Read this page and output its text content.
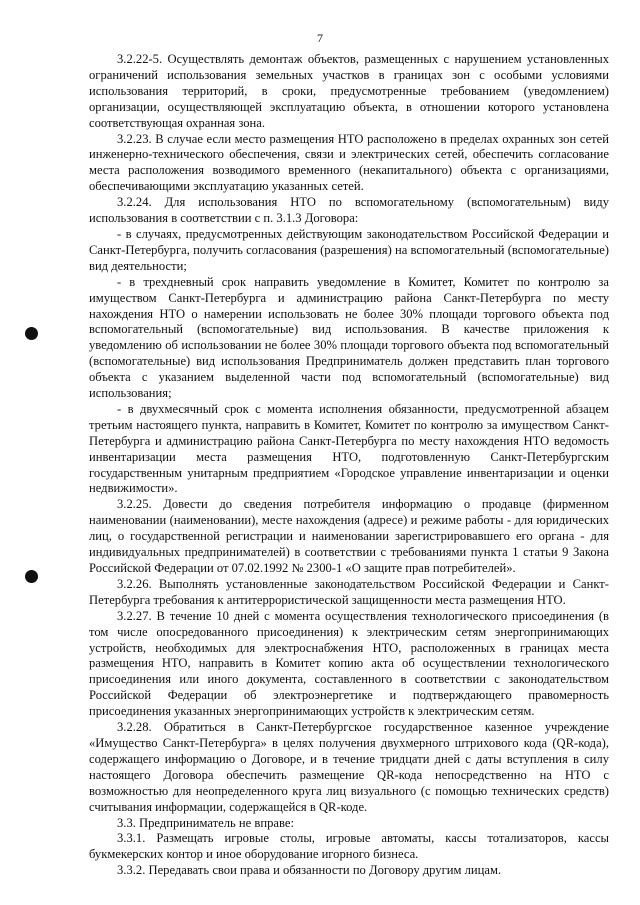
7

3.2.22-5. Осуществлять демонтаж объектов, размещенных с нарушением установленных ограничений использования земельных участков в границах зон с особыми условиями использования территорий, в сроки, предусмотренные требованием (уведомлением) организации, осуществляющей эксплуатацию объекта, в отношении которого установлена соответствующая охранная зона.

3.2.23. В случае если место размещения НТО расположено в пределах охранных зон сетей инженерно-технического обеспечения, связи и электрических сетей, обеспечить согласование места расположения возводимого временного (некапитального) объекта с организациями, обеспечивающими эксплуатацию указанных сетей.

3.2.24. Для использования НТО по вспомогательному (вспомогательным) виду использования в соответствии с п. 3.1.3 Договора:

- в случаях, предусмотренных действующим законодательством Российской Федерации и Санкт-Петербурга, получить согласования (разрешения) на вспомогательный (вспомогательные) вид деятельности;

- в трехдневный срок направить уведомление в Комитет, Комитет по контролю за имуществом Санкт-Петербурга и администрацию района Санкт-Петербурга по месту нахождения НТО о намерении использовать не более 30% площади торгового объекта под вспомогательный (вспомогательные) вид использования. В качестве приложения к уведомлению об использовании не более 30% площади торгового объекта под вспомогательный (вспомогательные) вид использования Предприниматель должен представить план торгового объекта с указанием выделенной части под вспомогательный (вспомогательные) вид использования;

- в двухмесячный срок с момента исполнения обязанности, предусмотренной абзацем третьим настоящего пункта, направить в Комитет, Комитет по контролю за имуществом Санкт-Петербурга и администрацию района Санкт-Петербурга по месту нахождения НТО ведомость инвентаризации места размещения НТО, подготовленную Санкт-Петербургским государственным унитарным предприятием «Городское управление инвентаризации и оценки недвижимости».

3.2.25. Довести до сведения потребителя информацию о продавце (фирменном наименовании (наименовании), месте нахождения (адресе) и режиме работы - для юридических лиц, о государственной регистрации и наименовании зарегистрировавшего его органа - для индивидуальных предпринимателей) в соответствии с требованиями пункта 1 статьи 9 Закона Российской Федерации от 07.02.1992 № 2300-1 «О защите прав потребителей».

3.2.26. Выполнять установленные законодательством Российской Федерации и Санкт-Петербурга требования к антитеррористической защищенности места размещения НТО.

3.2.27. В течение 10 дней с момента осуществления технологического присоединения (в том числе опосредованного присоединения) к электрическим сетям энергопринимающих устройств, необходимых для электроснабжения НТО, расположенных в границах места размещения НТО, направить в Комитет копию акта об осуществлении технологического присоединения или иного документа, составленного в соответствии с законодательством Российской Федерации об электроэнергетике и подтверждающего правомерность присоединения указанных энергопринимающих устройств к электрическим сетям.

3.2.28. Обратиться в Санкт-Петербургское государственное казенное учреждение «Имущество Санкт-Петербурга» в целях получения двухмерного штрихового кода (QR-кода), содержащего информацию о Договоре, и в течение тридцати дней с даты вступления в силу настоящего Договора обеспечить размещение QR-кода непосредственно на НТО с возможностью для неопределенного круга лиц визуального (с помощью технических средств) считывания информации, содержащейся в QR-коде.

3.3. Предприниматель не вправе:

3.3.1. Размещать игровые столы, игровые автоматы, кассы тотализаторов, кассы букмекерских контор и иное оборудование игорного бизнеса.

3.3.2. Передавать свои права и обязанности по Договору другим лицам.
